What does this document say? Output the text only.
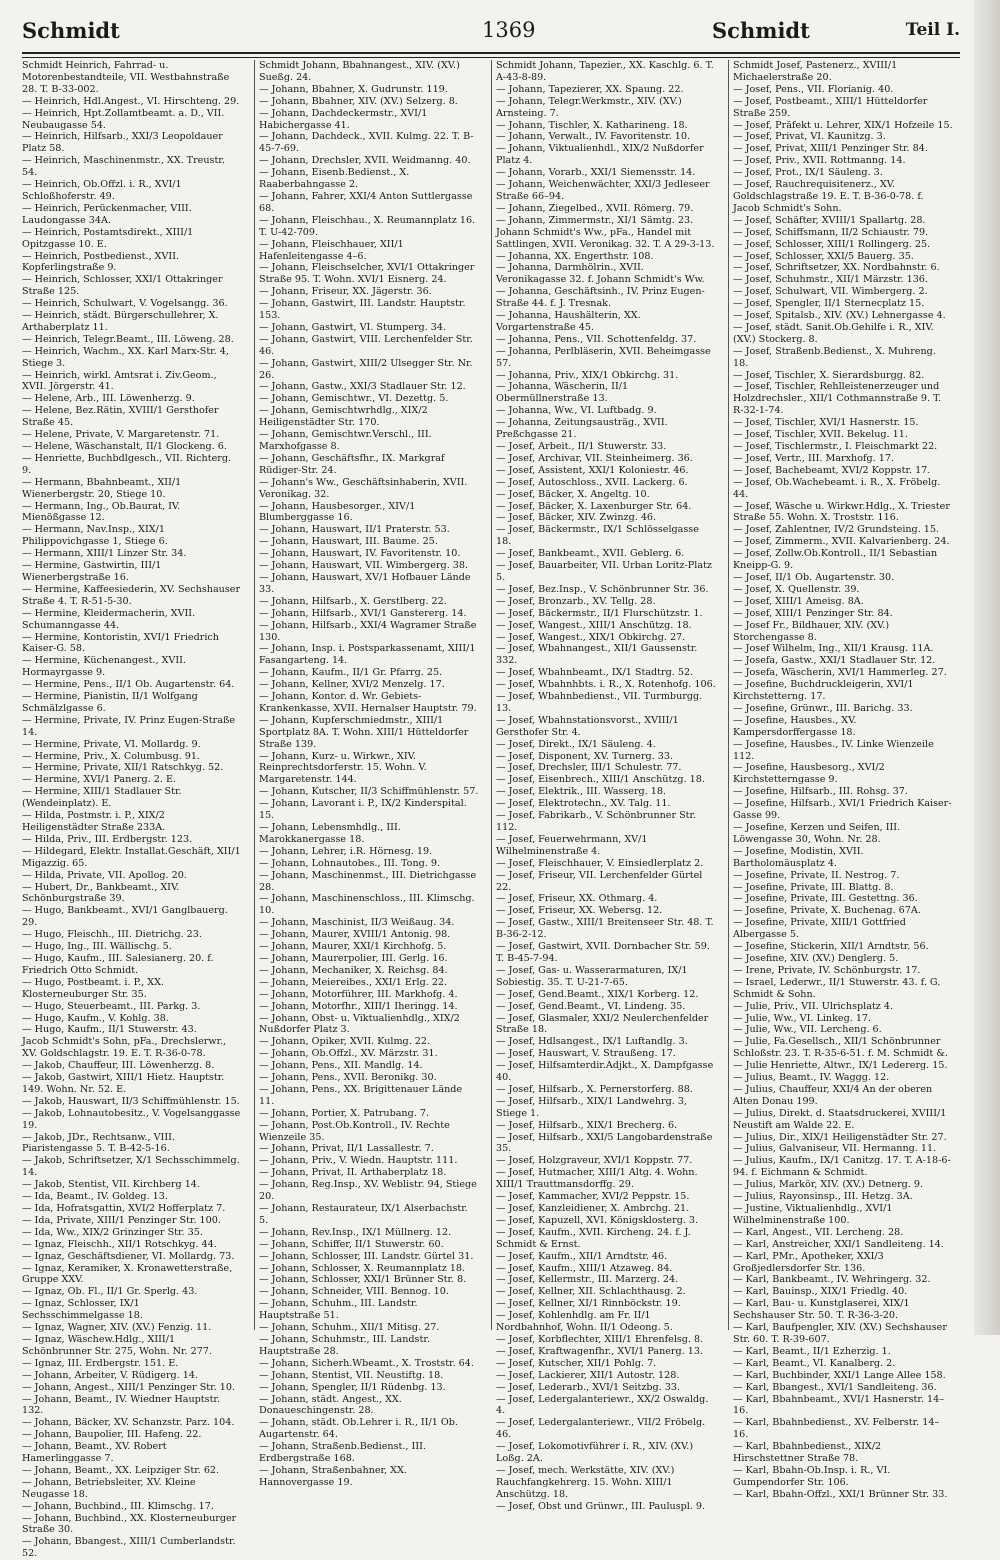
Schmidt	1369	Schmidt	Teil I.

Schmidt Heinrich, Fahrrad- u. Motorenbestandteile, VII. Westbahnstraße 28. T. B-33-002.

— Heinrich, Hdl.Angest., VI. Hirschteng. 29.

— Heinrich, Hpt.Zollamtbeamt. a. D., VII. Neubaugasse 54.

— Heinrich, Hilfsarb., XXI/3 Leopoldauer Platz 58.

— Heinrich, Maschinenmstr., XX. Treustr. 54.

— Heinrich, Ob.Offzl. i. R., XVI/1 Schloßhoferstr. 49.

— Heinrich, Perückenmacher, VIII. Laudongasse 34A.

— Heinrich, Postamtsdirekt., XIII/1 Opitzgasse 10. E.

— Heinrich, Postbedienst., XVII. Kopferlingstraße 9.

— Heinrich, Schlosser, XXI/1 Ottakringer Straße 125.

— Heinrich, Schulwart, V. Vogelsangg. 36.

— Heinrich, städt. Bürgerschullehrer, X. Arthaberplatz 11.

— Heinrich, Telegr.Beamt., III. Löweng. 28.

— Heinrich, Wachm., XX. Karl Marx-Str. 4, Stiege 3.

— Heinrich, wirkl. Amtsrat i. Ziv.Geom., XVII. Jörgerstr. 41.

— Helene, Arb., III. Löwenherzg. 9.

— Helene, Bez.Rätin, XVIII/1 Gersthofer Straße 45.

— Helene, Private, V. Margaretenstr. 71.

— Helene, Wäschanstalt, II/1 Glockeng. 6.

— Henriette, Buchbdlgesch., VII. Richterg. 9.

— Hermann, Bbahnbeamt., XII/1 Wienerbergstr. 20, Stiege 10.

— Hermann, Ing., Ob.Baurat, IV. Mienößgasse 12.

— Hermann, Nav.Insp., XIX/1 Philippovichgasse 1, Stiege 6.

— Hermann, XIII/1 Linzer Str. 34.

— Hermine, Gastwirtin, III/1 Wienerbergstraße 16.

— Hermine, Kaffeesiederin, XV. Sechshauser Straße 4. T. R-51-5-30.

— Hermine, Kleidermacherin, XVII. Schumanngasse 44.

— Hermine, Kontoristin, XVI/1 Friedrich Kaiser-G. 58.

— Hermine, Küchenangest., XVII. Hormayrgasse 9.

— Hermine, Pens., II/1 Ob. Augartenstr. 64.

— Hermine, Pianistin, II/1 Wolfgang Schmälzlgasse 6.

— Hermine, Private, IV. Prinz Eugen-Straße 14.

— Hermine, Private, VI. Mollardg. 9.

— Hermine, Priv., X. Columbusg. 91.

— Hermine, Private, XII/1 Ratschkyg. 52.

— Hermine, XVI/1 Panerg. 2. E.

— Hermine, XIII/1 Stadlauer Str. (Wendeinplatz). E.

— Hilda, Postmstr. i. P., XIX/2 Heiligenstädter Straße 233A.

— Hilda, Priv., III. Erdbergstr. 123.

— Hildegard, Elektr. Installat.Geschäft, XII/1 Migazzig. 65.

— Hilda, Private, VII. Apollog. 20.

— Hubert, Dr., Bankbeamt., XIV. Schönburgstraße 39.

— Hugo, Bankbeamt., XVI/1 Ganglbauerg. 29.

— Hugo, Fleischh., III. Dietrichg. 23.

— Hugo, Ing., III. Wällischg. 5.

— Hugo, Kaufm., III. Salesianerg. 20. f. Friedrich Otto Schmidt.

— Hugo, Postbeamt. i. P., XX. Klosterneuburger Str. 35.

— Hugo, Steuerbeamt., III. Parkg. 3.

— Hugo, Kaufm., V. Kohlg. 38.

— Hugo, Kaufm., II/1 Stuwerstr. 43.

Jacob Schmidt's Sohn, pFa., Drechslerwr., XV. Goldschlagstr. 19. E. T. R-36-0-78.

— Jakob, Chauffeur, III. Löwenherzg. 8.

— Jakob, Gastwirt, XIII/1 Hietz. Hauptstr. 149. Wohn. Nr. 52. E.

— Jakob, Hauswart, II/3 Schiffmühlenstr. 15.

— Jakob, Lohnautobesitz., V. Vogelsanggasse 19.

— Jakob, JDr., Rechtsanw., VIII. Piaristengasse 5. T. B-42-5-16.

— Jakob, Schriftsetzer, X/1 Sechsschimmelg. 14.

— Jakob, Stentist, VII. Kirchberg 14.

— Ida, Beamt., IV. Goldeg. 13.

— Ida, Hofratsgattin, XVI/2 Hofferplatz 7.

— Ida, Private, XIII/1 Penzinger Str. 100.

— Ida, Ww., XIX/2 Grinzinger Str. 35.

— Ignaz, Fleischh., XII/1 Rotschkyg. 44.

— Ignaz, Geschäftsdiener, VI. Mollardg. 73.

— Ignaz, Keramiker, X. Kronawetterstraße, Gruppe XXV.

— Ignaz, Ob. Fl., II/1 Gr. Sperlg. 43.

— Ignaz, Schlosser, IX/1 Sechsschimmelgasse 18.

— Ignaz, Wagner, XIV. (XV.) Fenzig. 11.

— Ignaz, Wäschew.Hdlg., XIII/1 Schönbrunner Str. 275, Wohn. Nr. 277.

— Ignaz, III. Erdbergstr. 151. E.

— Johann, Arbeiter, V. Rüdigerg. 14.

— Johann, Angest., XIII/1 Penzinger Str. 10.

— Johann, Beamt., IV. Wiedner Hauptstr. 132.

— Johann, Bäcker, XV. Schanzstr. Parz. 104.

— Johann, Baupolier, III. Hafeng. 22.

— Johann, Beamt., XV. Robert Hamerlinggasse 7.

— Johann, Beamt., XX. Leipziger Str. 62.

— Johann, Betriebsleiter, XV. Kleine Neugasse 18.

— Johann, Buchbind., III. Klimschg. 17.

— Johann, Buchbind., XX. Klosterneuburger Straße 30.

— Johann, Bbangest., XIII/1 Cumberlandstr. 52.

Schmidt Johann, Bbahnangest., XIV. (XV.) Sueßg. 24.

— Johann, Bbahner, X. Gudrunstr. 119.

— Johann, Bbahner, XIV. (XV.) Selzerg. 8.

— Johann, Dachdeckermstr., XVI/1 Habichergasse 41.

— Johann, Dachdeck., XVII. Kulmg. 22. T. B-45-7-69.

— Johann, Drechsler, XVII. Weidmanng. 40.

— Johann, Eisenb.Bedienst., X. Raaberbahngasse 2.

— Johann, Fahrer, XXI/4 Anton Suttlergasse 68.

— Johann, Fleischhau., X. Reumannplatz 16. T. U-42-709.

— Johann, Fleischhauer, XII/1 Hafenleitengasse 4–6.

— Johann, Fleischselcher, XVI/1 Ottakringer Straße 95. T. Wohn. XVI/1 Eisnerg. 24.

— Johann, Friseur, XX. Jägerstr. 36.

— Johann, Gastwirt, III. Landstr. Hauptstr. 153.

— Johann, Gastwirt, VI. Stumperg. 34.

— Johann, Gastwirt, VIII. Lerchenfelder Str. 46.

— Johann, Gastwirt, XIII/2 Ulsegger Str. Nr. 26.

— Johann, Gastw., XXI/3 Stadlauer Str. 12.

— Johann, Gemischtwr., VI. Dezettg. 5.

— Johann, Gemischtwrhdlg., XIX/2 Heiligenstädter Str. 170.

— Johann, Gemischtwr.Verschl., III. Marxhofgasse 8.

— Johann, Geschäftsfhr., IX. Markgraf Rüdiger-Str. 24.

— Johann's Ww., Geschäftsinhaberin, XVII. Veronikag. 32.

— Johann, Hausbesorger., XIV/1 Blumberggasse 16.

— Johann, Hauswart, II/1 Praterstr. 53.

— Johann, Hauswart, III. Baume. 25.

— Johann, Hauswart, IV. Favoritenstr. 10.

— Johann, Hauswart, VII. Wimbergerg. 38.

— Johann, Hauswart, XV/1 Hofbauer Lände 33.

— Johann, Hilfsarb., X. Gerstlberg. 22.

— Johann, Hilfsarb., XVI/1 Ganstererg. 14.

— Johann, Hilfsarb., XXI/4 Wagramer Straße 130.

— Johann, Insp. i. Postsparkassenamt, XIII/1 Fasangarteng. 14.

— Johann, Kaufm., II/1 Gr. Pfarrg. 25.

— Johann, Kellner, XVI/2 Menzelg. 17.

— Johann, Kontor. d. Wr. Gebiets-Krankenkasse, XVII. Hernalser Hauptstr. 79.

— Johann, Kupferschmiedmstr., XIII/1 Sportplatz 8A. T. Wohn. XIII/1 Hütteldorfer Straße 139.

— Johann, Kurz- u. Wirkwr., XIV. Reinprechtsdorferstr. 15. Wohn. V. Margaretenstr. 144.

— Johann, Kutscher, II/3 Schiffmühlenstr. 57.

— Johann, Lavorant i. P., IX/2 Kinderspital. 15.

— Johann, Lebensmhdlg., III. Marokkanergasse 18.

— Johann, Lehrer, i.R. Hörnesg. 19.

— Johann, Lohnautobes., III. Tong. 9.

— Johann, Maschinenmst., III. Dietrichgasse 28.

— Johann, Maschinenschloss., III. Klimschg. 10.

— Johann, Maschinist, II/3 Weißaug. 34.

— Johann, Maurer, XVIII/1 Antonig. 98.

— Johann, Maurer, XXI/1 Kirchhofg. 5.

— Johann, Maurerpolier, III. Gerlg. 16.

— Johann, Mechaniker, X. Reichsg. 84.

— Johann, Meiereibes., XXI/1 Erlg. 22.

— Johann, Motorführer, III. Markhofg. 4.

— Johann, Motorfhr., XIII/1 Iheringg. 14.

— Johann, Obst- u. Viktualienhdlg., XIX/2 Nußdorfer Platz 3.

— Johann, Opiker, XVII. Kulmg. 22.

— Johann, Ob.Offzl., XV. Märzstr. 31.

— Johann, Pens., XII. Mandlg. 14.

— Johann, Pens., XVII. Beronikg. 30.

— Johann, Pens., XX. Brigittenauer Lände 11.

— Johann, Portier, X. Patrubang. 7.

— Johann, Post.Ob.Kontroll., IV. Rechte Wienzeile 35.

— Johann, Privat, II/1 Lassallestr. 7.

— Johann, Priv., V. Wiedn. Hauptstr. 111.

— Johann, Privat, II. Arthaberplatz 18.

— Johann, Reg.Insp., XV. Weblistr. 94, Stiege 20.

— Johann, Restaurateur, IX/1 Alserbachstr. 5.

— Johann, Rev.Insp., IX/1 Müllnerg. 12.

— Johann, Schiffer, II/1 Stuwerstr. 60.

— Johann, Schlosser, III. Landstr. Gürtel 31.

— Johann, Schlosser, X. Reumannplatz 18.

— Johann, Schlosser, XXI/1 Brünner Str. 8.

— Johann, Schneider, VIII. Bennog. 10.

— Johann, Schuhm., III. Landstr. Hauptstraße 51.

— Johann, Schuhm., XII/1 Mitisg. 27.

— Johann, Schuhmstr., III. Landstr. Hauptstraße 28.

— Johann, Sicherh.Wbeamt., X. Troststr. 64.

— Johann, Stentist, VII. Neustiftg. 18.

— Johann, Spengler, II/1 Rüdenbg. 13.

— Johann, städt. Angest., XX. Donaueschingenstr. 28.

— Johann, städt. Ob.Lehrer i. R., II/1 Ob. Augartenstr. 64.

— Johann, Straßenb.Bedienst., III. Erdbergstraße 168.

— Johann, Straßenbahner, XX. Hannovergasse 19.

Schmidt Johann, Tapezier., XX. Kaschlg. 6. T. A-43-8-89.

— Johann, Tapezierer, XX. Spaung. 22.

— Johann, Telegr.Werkmstr., XIV. (XV.) Arnsteing. 7.

— Johann, Tischler, X. Katharineng. 18.

— Johann, Verwalt., IV. Favoritenstr. 10.

— Johann, Viktualienhdl., XIX/2 Nußdorfer Platz 4.

— Johann, Vorarb., XXI/1 Siemensstr. 14.

— Johann, Weichenwächter, XXI/3 Jedleseer Straße 66–94.

— Johann, Ziegelbed., XVII. Römerg. 79.

— Johann, Zimmermstr., XI/1 Sämtg. 23.

Johann Schmidt's Ww., pFa., Handel mit Sattlingen, XVII. Veronikag. 32. T. A 29-3-13.

— Johanna, XX. Engerthstr. 108.

— Johanna, Darmhölrin., XVII. Veronikagasse 32. f. Johann Schmidt's Ww.

— Johanna, Geschäftsinh., IV. Prinz Eugen-Straße 44. f. J. Tresnak.

— Johanna, Haushälterin, XX. Vorgartenstraße 45.

— Johanna, Pens., VII. Schottenfeldg. 37.

— Johanna, Perlbläserin, XVII. Beheimgasse 57.

— Johanna, Priv., XIX/1 Obkirchg. 31.

— Johanna, Wäscherin, II/1 Obermüllnerstraße 13.

— Johanna, Ww., VI. Luftbadg. 9.

— Johanna, Zeitungsausträg., XVII. Preßchgasse 21.

— Josef, Arbeit., II/1 Stuwerstr. 33.

— Josef, Archivar, VII. Steinheimerg. 36.

— Josef, Assistent, XXI/1 Koloniestr. 46.

— Josef, Autoschloss., XVII. Lackerg. 6.

— Josef, Bäcker, X. Angeltg. 10.

— Josef, Bäcker, X. Laxenburger Str. 64.

— Josef, Bäcker, XIV. Zwinzg. 46.

— Josef, Bäckermstr., IX/1 Schlösselgasse 18.

— Josef, Bankbeamt., XVII. Geblerg. 6.

— Josef, Bauarbeiter, VII. Urban Loritz-Platz 5.

— Josef, Bez.Insp., V. Schönbrunner Str. 36.

— Josef, Bronzarb., XV. Tellg. 28.

— Josef, Bäckermstr., II/1 Flurschützstr. 1.

— Josef, Wangest., XIII/1 Anschützg. 18.

— Josef, Wangest., XIX/1 Obkirchg. 27.

— Josef, Wbahnangest., XII/1 Gaussenstr. 332.

— Josef, Wbahnbeamt., IX/1 Stadtrg. 52.

— Josef, Wbahnhbts. i. R., X. Rotenhofg. 106.

— Josef, Wbahnbedienst., VII. Turmburgg. 13.

— Josef, Wbahnstationsvorst., XVIII/1 Gersthofer Str. 4.

— Josef, Direkt., IX/1 Säuleng. 4.

— Josef, Disponent, XV. Turnerg. 33.

— Josef, Drechsler, III/1 Schulestr. 77.

— Josef, Eisenbrech., XIII/1 Anschützg. 18.

— Josef, Elektrik., III. Wasserg. 18.

— Josef, Elektrotechn., XV. Talg. 11.

— Josef, Fabrikarb., V. Schönbrunner Str. 112.

— Josef, Feuerwehrmann, XV/1 Wilhelminenstraße 4.

— Josef, Fleischhauer, V. Einsiedlerplatz 2.

— Josef, Friseur, VII. Lerchenfelder Gürtel 22.

— Josef, Friseur, XX. Othmarg. 4.

— Josef, Friseur, XX. Webersg. 12.

— Josef, Gastw., XIII/1 Breitenseer Str. 48. T. B-36-2-12.

— Josef, Gastwirt, XVII. Dornbacher Str. 59. T. B-45-7-94.

— Josef, Gas- u. Wasserarmaturen, IX/1 Sobiestig. 35. T. U-21-7-65.

— Josef, Gend.Beamt., XIX/1 Korberg. 12.

— Josef, Gend.Beamt., VI. Lindeng. 35.

— Josef, Glasmaler, XXI/2 Neulerchenfelder Straße 18.

— Josef, Hdlsangest., IX/1 Luftandlg. 3.

— Josef, Hauswart, V. Straußeng. 17.

— Josef, Hilfsamterdir.Adjkt., X. Dampfgasse 40.

— Josef, Hilfsarb., X. Pernerstorferg. 88.

— Josef, Hilfsarb., XIX/1 Landwehrg. 3, Stiege 1.

— Josef, Hilfsarb., XIX/1 Brecherg. 6.

— Josef, Hilfsarb., XXI/5 Langobardenstraße 35.

— Josef, Holzgraveur, XVI/1 Koppstr. 77.

— Josef, Hutmacher, XIII/1 Altg. 4. Wohn. XIII/1 Trauttmansdorffg. 29.

— Josef, Kammacher, XVI/2 Peppstr. 15.

— Josef, Kanzleidiener, X. Ambrchg. 21.

— Josef, Kapuzell, XVI. Königsklosterg. 3.

— Josef, Kaufm., XVII. Kircheng. 24. f. J. Schmidt & Ernst.

— Josef, Kaufm., XII/1 Arndtstr. 46.

— Josef, Kaufm., XIII/1 Atzaweg. 84.

— Josef, Kellermstr., III. Marzerg. 24.

— Josef, Kellner, XII. Schlachthausg. 2.

— Josef, Kellner, XI/1 Rinnböckstr. 19.

— Josef, Kohlenhdlg. am Fr. II/1 Nordbahnhof, Wohn. II/1 Odeong. 5.

— Josef, Korbflechter, XIII/1 Ehrenfelsg. 8.

— Josef, Kraftwagenfhr., XVI/1 Panerg. 13.

— Josef, Kutscher, XII/1 Pohlg. 7.

— Josef, Lackierer, XII/1 Autostr. 128.

— Josef, Lederarb., XVI/1 Seitzbg. 33.

— Josef, Ledergalanteriewr., XX/2 Oswaldg. 4.

— Josef, Ledergalanteriewr., VII/2 Fröbelg. 46.

— Josef, Lokomotivführer i. R., XIV. (XV.) Loßg. 2A.

— Josef, mech. Werkstätte, XIV. (XV.) Rauchfangkehrerg. 15. Wohn. XIII/1 Anschützg. 18.

— Josef, Obst und Grünwr., III. Pauluspl. 9.

Schmidt Josef, Pastenerz., XVIII/1 Michaelerstraße 20.

— Josef, Pens., VII. Florianig. 40.

— Josef, Postbeamt., XIII/1 Hütteldorfer Straße 259.

— Josef, Präfekt u. Lehrer, XIX/1 Hofzeile 15.

— Josef, Privat, VI. Kaunitzg. 3.

— Josef, Privat, XIII/1 Penzinger Str. 84.

— Josef, Priv., XVII. Rottmanng. 14.

— Josef, Prot., IX/1 Säuleng. 3.

— Josef, Rauchrequisitenerz., XV. Goldschlagstraße 19. E. T. B-36-0-78. f. Jacob Schmidt's Sohn.

— Josef, Schäfter, XVIII/1 Spallartg. 28.

— Josef, Schiffsmann, II/2 Schiaustr. 79.

— Josef, Schlosser, XIII/1 Rollingerg. 25.

— Josef, Schlosser, XXI/5 Bauerg. 35.

— Josef, Schriftsetzer, XX. Nordbahnstr. 6.

— Josef, Schuhmstr., XII/1 Märzstr. 136.

— Josef, Schulwart, VII. Wimbergerg. 2.

— Josef, Spengler, II/1 Sternecplatz 15.

— Josef, Spitalsb., XIV. (XV.) Lehnergasse 4.

— Josef, städt. Sanit.Ob.Gehilfe i. R., XIV. (XV.) Stockerg. 8.

— Josef, Straßenb.Bedienst., X. Muhreng. 18.

— Josef, Tischler, X. Sierardsburgg. 82.

— Josef, Tischler, Rehlleistenerzeuger und Holzdrechsler., XII/1 Cothmannstraße 9. T. R-32-1-74.

— Josef, Tischler, XVI/1 Hasnerstr. 15.

— Josef, Tischler, XVII. Bekelug. 11.

— Josef, Tischlermstr., I. Fleischmarkt 22.

— Josef, Vertr., III. Marxhofg. 17.

— Josef, Bachebeamt, XVI/2 Koppstr. 17.

— Josef, Ob.Wachebeamt. i. R., X. Fröbelg. 44.

— Josef, Wäsche u. Wirkwr.Hdlg., X. Triester Straße 55. Wohn. X. Troststr. 116.

— Josef, Zahlentner, IV/2 Grundsteing. 15.

— Josef, Zimmerm., XVII. Kalvarienberg. 24.

— Josef, Zollw.Ob.Kontroll., II/1 Sebastian Kneipp-G. 9.

— Josef, II/1 Ob. Augartenstr. 30.

— Josef, X. Quellenstr. 39.

— Josef, XIII/1 Ameisg. 8A.

— Josef, XIII/1 Penzinger Str. 84.

— Josef Fr., Bildhauer, XIV. (XV.) Storchengasse 8.

— Josef Wilhelm, Ing., XII/1 Krausg. 11A.

— Josefa, Gastw., XXI/1 Stadlauer Str. 12.

— Josefa, Wäscherin, XVI/1 Hammerleg. 27.

— Josefine, Buchdruckleigerin, XVI/1 Kirchstetterng. 17.

— Josefine, Grünwr., III. Barichg. 33.

— Josefine, Hausbes., XV. Kampersdorffergasse 18.

— Josefine, Hausbes., IV. Linke Wienzeile 112.

— Josefine, Hausbesorg., XVI/2 Kirchstetterngasse 9.

— Josefine, Hilfsarb., III. Rohsg. 37.

— Josefine, Hilfsarb., XVI/1 Friedrich Kaiser-Gasse 99.

— Josefine, Kerzen und Seifen, III. Löwengasse 30, Wohn. Nr. 28.

— Josefine, Modistin, XVII. Bartholomäusplatz 4.

— Josefine, Private, II. Nestrog. 7.

— Josefine, Private, III. Blattg. 8.

— Josefine, Private, III. Gestettng. 36.

— Josefine, Private, X. Buchenag. 67A.

— Josefine, Private, XIII/1 Gottfried Albergasse 5.

— Josefine, Stickerin, XII/1 Arndtstr. 56.

— Josefine, XIV. (XV.) Denglerg. 5.

— Irene, Private, IV. Schönburgstr. 17.

— Israel, Lederwr., II/1 Stuwerstr. 43. f. G. Schmidt & Sohn.

— Julie, Priv., VII. Ulrichsplatz 4.

— Julie, Ww., VI. Linkeg. 17.

— Julie, Ww., VII. Lercheng. 6.

— Julie, Fa.Gesellsch., XII/1 Schönbrunner Schloßstr. 23. T. R-35-6-51. f. M. Schmidt &.

— Julie Henriette, Altwr., IX/1 Ledererg. 15.

— Julius, Beamt., IV. Waggg. 12.

— Julius, Chauffeur, XXI/4 An der oberen Alten Donau 199.

— Julius, Direkt. d. Staatsdruckerei, XVIII/1 Neustift am Walde 22. E.

— Julius, Dir., XIX/1 Heiligenstädter Str. 27.

— Julius, Galvaniseur, VII. Hermanng. 11.

— Julius, Kaufm., IX/1 Canitzg. 17. T. A-18-6-94. f. Eichmann & Schmidt.

— Julius, Markör, XIV. (XV.) Detnerg. 9.

— Julius, Rayonsinsp., III. Hetzg. 3A.

— Justine, Viktualienhdlg., XVI/1 Wilhelminenstraße 100.

— Karl, Angest., VII. Lercheng. 28.

— Karl, Anstreicher, XXI/1 Sandleiteng. 14.

— Karl, PMr., Apotheker, XXI/3 Großjedlersdorfer Str. 136.

— Karl, Bankbeamt., IV. Wehringerg. 32.

— Karl, Bauinsp., XIX/1 Friedlg. 40.

— Karl, Bau- u. Kunstglaserei, XIX/1 Sechshauser Str. 50. T. R-36-3-20.

— Karl, Baufpengler, XIV. (XV.) Sechshauser Str. 60. T. R-39-607.

— Karl, Beamt., II/1 Ezherzig. 1.

— Karl, Beamt., VI. Kanalberg. 2.

— Karl, Buchbinder, XXI/1 Lange Allee 158.

— Karl, Bbangest., XVI/1 Sandleiteng. 36.

— Karl, Bbahnbeamt., XVI/1 Hasnerstr. 14–16.

— Karl, Bbahnbedienst., XV. Felberstr. 14–16.

— Karl, Bbahnbedienst., XIX/2 Hirschstettner Straße 78.

— Karl, Bbahn-Ob.Insp. i. R., VI. Gumpendorfer Str. 106.

— Karl, Bbahn-Offzl., XXI/1 Brünner Str. 33.
